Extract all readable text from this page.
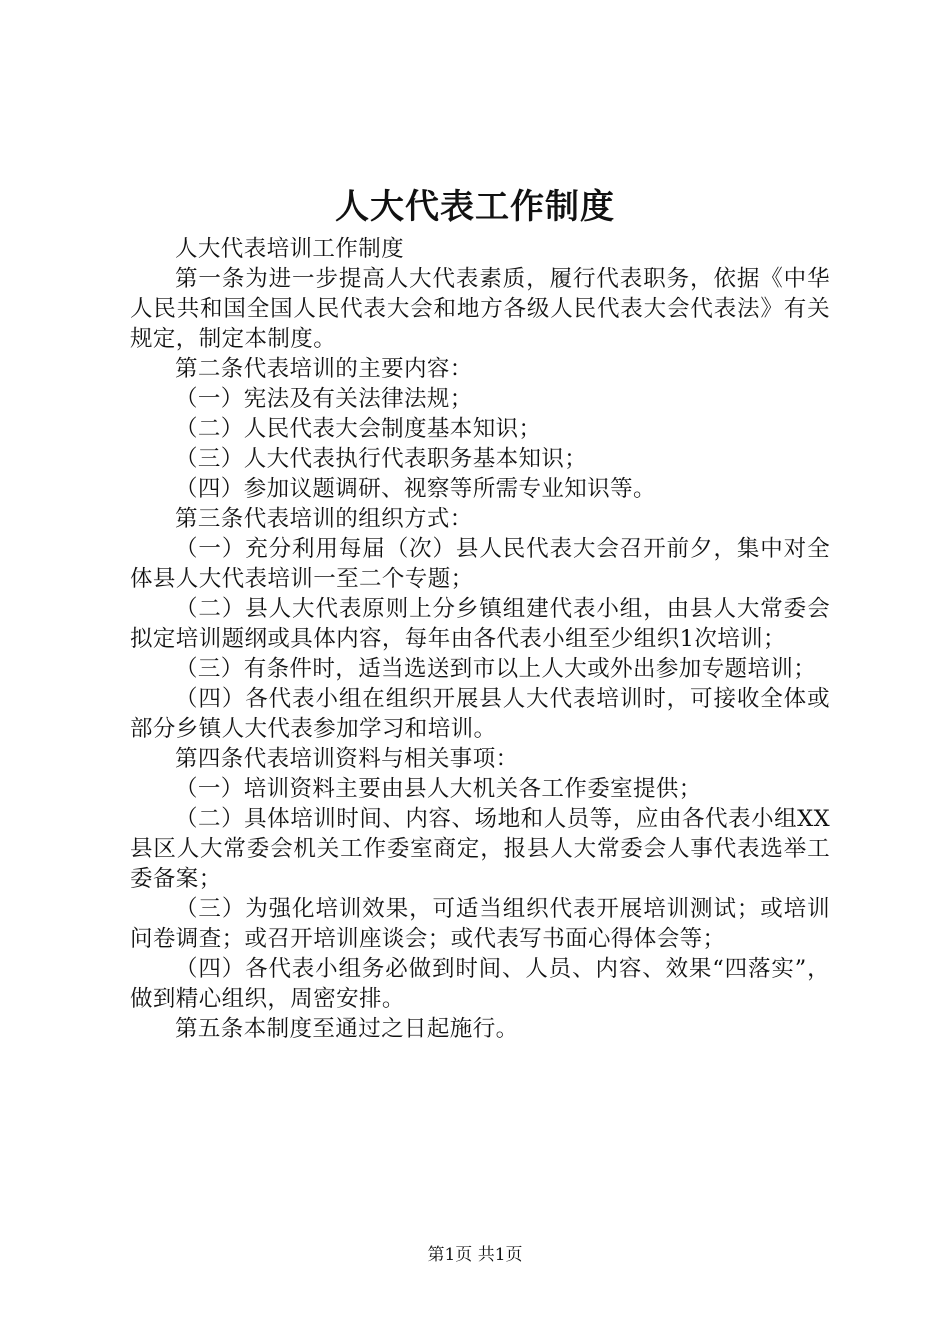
人大代表工作制度

人大代表培训工作制度

第一条为进一步提高人大代表素质，履行代表职务，依据《中华人民共和国全国人民代表大会和地方各级人民代表大会代表法》有关规定，制定本制度。

第二条代表培训的主要内容：

（一）宪法及有关法律法规；

（二）人民代表大会制度基本知识；

（三）人大代表执行代表职务基本知识；

（四）参加议题调研、视察等所需专业知识等。

第三条代表培训的组织方式：

（一）充分利用每届（次）县人民代表大会召开前夕，集中对全体县人大代表培训一至二个专题；

（二）县人大代表原则上分乡镇组建代表小组，由县人大常委会拟定培训题纲或具体内容，每年由各代表小组至少组织1次培训；

（三）有条件时，适当选送到市以上人大或外出参加专题培训；

（四）各代表小组在组织开展县人大代表培训时，可接收全体或部分乡镇人大代表参加学习和培训。

第四条代表培训资料与相关事项：

（一）培训资料主要由县人大机关各工作委室提供；

（二）具体培训时间、内容、场地和人员等，应由各代表小组XX县区人大常委会机关工作委室商定，报县人大常委会人事代表选举工委备案；

（三）为强化培训效果，可适当组织代表开展培训测试；或培训问卷调查；或召开培训座谈会；或代表写书面心得体会等；

（四）各代表小组务必做到时间、人员、内容、效果“四落实”，做到精心组织，周密安排。

第五条本制度至通过之日起施行。

第1页 共1页
